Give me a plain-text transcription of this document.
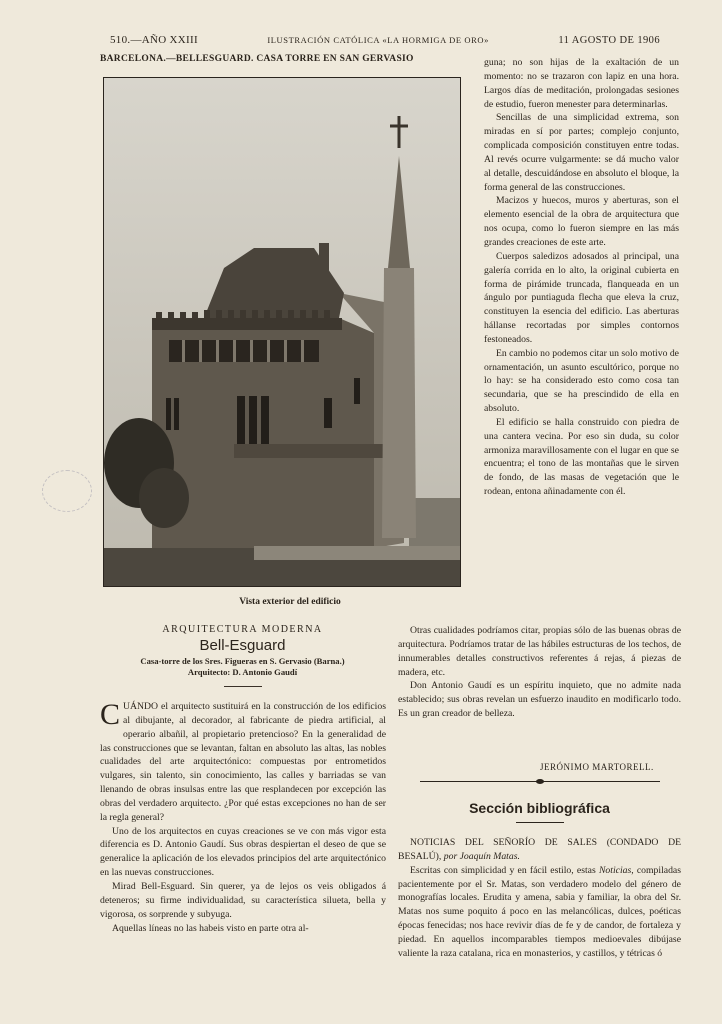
510.—AÑO XXIII	ILUSTRACIÓN CATÓLICA «LA HORMIGA DE ORO»	11 AGOSTO DE 1906
BARCELONA.—BELLESGUARD. CASA TORRE EN SAN GERVASIO
Vista exterior del edificio
ARQUITECTURA MODERNA
Bell-Esguard
Casa-torre de los Sres. Figueras en S. Gervasio (Barna.)
Arquitecto: D. Antonio Gaudí

CUÁNDO el arquitecto sustituirá en la construcción de los edificios al dibujante, al decorador, al fabricante de piedra artificial, al operario albañil, al propietario pretencioso? En la generalidad de las construcciones que se levantan, faltan en absoluto las altas, las nobles cualidades del arte arquitectónico: compuestas por entrometidos vulgares, sin talento, sin conocimiento, las calles y barriadas se van llenando de obras insulsas entre las que resplandecen por excepción las obras del verdadero arquitecto. ¿Por qué estas excepciones no han de ser la regla general?

Uno de los arquitectos en cuyas creaciones se ve con más vigor esta diferencia es D. Antonio Gaudí. Sus obras despiertan el deseo de que se generalice la aplicación de los elevados principios del arte arquitectónico en las nuevas construcciones.

Mirad Bell-Esguard. Sin querer, ya de lejos os veis obligados á deteneros; su firme individualidad, su característica silueta, bella y vigorosa, os sorprende y subyuga.

Aquellas líneas no las habeis visto en parte otra al-

guna; no son hijas de la exaltación de un momento: no se trazaron con lapiz en una hora. Largos días de meditación, prolongadas sesiones de estudio, fueron menester para determinarlas.

Sencillas de una simplicidad extrema, son miradas en sí por partes; complejo conjunto, complicada composición constituyen entre todas. Al revés ocurre vulgarmente: se dá mucho valor al detalle, descuidándose en absoluto el bloque, la forma general de las construcciones.

Macizos y huecos, muros y aberturas, son el elemento esencial de la obra de arquitectura que nos ocupa, como lo fueron siempre en las más grandes creaciones de este arte.

Cuerpos saledizos adosados al principal, una galería corrida en lo alto, la original cubierta en forma de pirámide truncada, flanqueada en un ángulo por puntiaguda flecha que eleva la cruz, constituyen la esencia del edificio. Las aberturas hállanse recortadas por simples contornos festoneados.

En cambio no podemos citar un solo motivo de ornamentación, un asunto escultórico, porque no lo hay: se ha considerado esto como cosa tan secundaria, que se ha prescindido de ella en absoluto.

El edificio se halla construido con piedra de una cantera vecina. Por eso sin duda, su color armoniza maravillosamente con el lugar en que se encuentra; el tono de las montañas que le sirven de fondo, de las masas de vegetación que le rodean, entona añinadamente con él.

Otras cualidades podríamos citar, propias sólo de las buenas obras de arquitectura. Podríamos tratar de las hábiles estructuras de los techos, de innumerables detalles constructivos referentes á rejas, á piezas de madera, etc.

Don Antonio Gaudí es un espíritu inquieto, que no admite nada establecido; sus obras revelan un esfuerzo inaudito en modificarlo todo. Es un gran creador de belleza.

JERÓNIMO MARTORELL.
Sección bibliográfica

NOTICIAS DEL SEÑORÍO DE SALES (CONDADO DE BESALÚ), por Joaquín Matas.

Escritas con simplicidad y en fácil estilo, estas Noticias, compiladas pacientemente por el Sr. Matas, son verdadero modelo del género de monografías locales. Erudita y amena, sabia y familiar, la obra del Sr. Matas nos sume poquito á poco en las melancólicas, dulces, poéticas épocas fenecidas; nos hace revivir días de fe y de candor, de fortaleza y piedad. En aquellos incomparables tiempos medioevales dibújase valiente la raza catalana, rica en monasterios, y castillos, y tétricas ó
